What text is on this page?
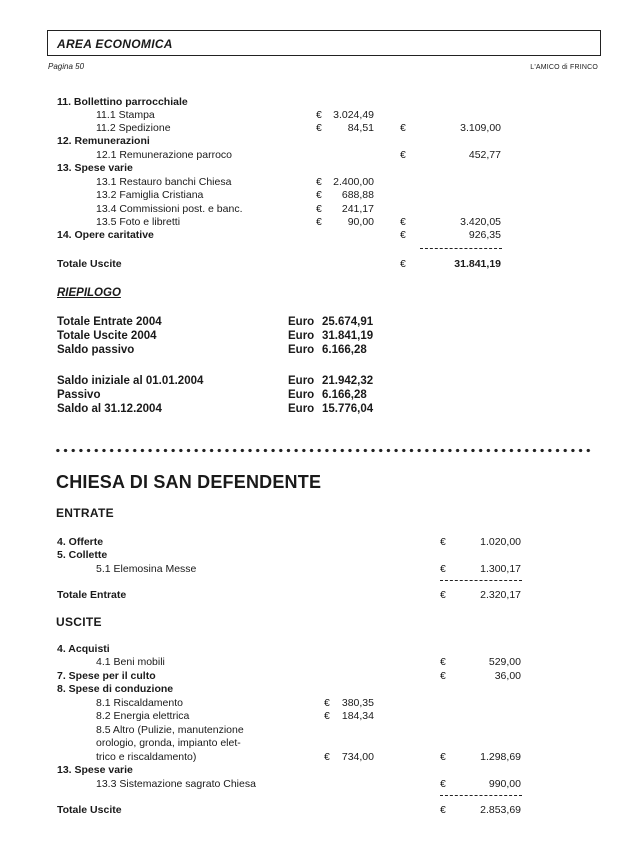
AREA ECONOMICA
Pagina 50	L'AMICO di FRINCO
11. Bollettino parrocchiale
11.1 Stampa	€	3.024,49
11.2 Spedizione	€	84,51 €	3.109,00
12. Remunerazioni
12.1 Remunerazione parroco	€	452,77
13. Spese varie
13.1 Restauro banchi Chiesa	€	2.400,00
13.2 Famiglia Cristiana	€	688,88
13.4 Commissioni post. e banc.	€	241,17
13.5 Foto e libretti	€	90,00 €	3.420,05
14. Opere caritative	€	926,35
Totale Uscite	€	31.841,19
RIEPILOGO
Totale Entrate 2004	Euro 25.674,91
Totale Uscite 2004	Euro 31.841,19
Saldo passivo	Euro 6.166,28
Saldo iniziale al 01.01.2004	Euro 21.942,32
Passivo	Euro 6.166,28
Saldo al 31.12.2004	Euro 15.776,04
CHIESA DI SAN DEFENDENTE
ENTRATE
4. Offerte	€	1.020,00
5. Collette
5.1 Elemosina Messe	€	1.300,17
Totale Entrate	€	2.320,17
USCITE
4. Acquisti
4.1 Beni mobili	€	529,00
7. Spese per il culto	€	36,00
8. Spese di conduzione
8.1 Riscaldamento	€	380,35
8.2 Energia elettrica	€	184,34
8.5 Altro (Pulizie, manutenzione
orologio, gronda, impianto elet-
trico e riscaldamento)	€	734,00	€	1.298,69
13. Spese varie
13.3 Sistemazione sagrato Chiesa	€	990,00
Totale Uscite	€	2.853,69
